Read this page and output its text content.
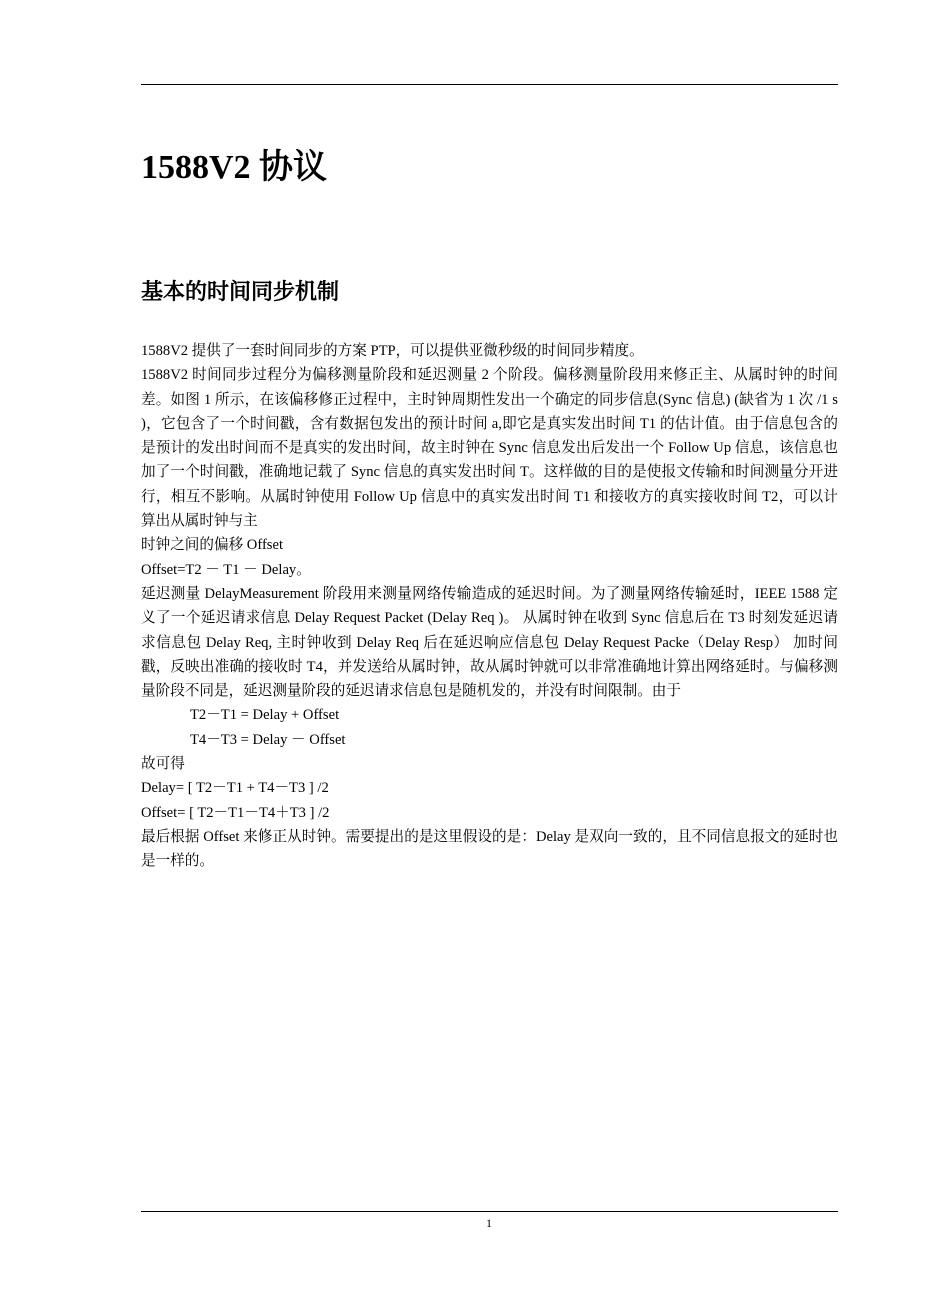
1588V2 协议
基本的时间同步机制

1588V2 提供了一套时间同步的方案 PTP，可以提供亚微秒级的时间同步精度。

1588V2 时间同步过程分为偏移测量阶段和延迟测量 2 个阶段。偏移测量阶段用来修正主、从属时钟的时间差。如图 1 所示，在该偏移修正过程中，主时钟周期性发出一个确定的同步信息(Sync 信息) (缺省为 1 次 /1 s )，它包含了一个时间戳，含有数据包发出的预计时间 a,即它是真实发出时间 T1 的估计值。由于信息包含的是预计的发出时间而不是真实的发出时间，故主时钟在 Sync 信息发出后发出一个 Follow Up 信息，该信息也加了一个时间戳，准确地记载了 Sync 信息的真实发出时间 T。这样做的目的是使报文传输和时间测量分开进行，相互不影响。从属时钟使用 Follow Up 信息中的真实发出时间 T1 和接收方的真实接收时间 T2，可以计算出从属时钟与主

时钟之间的偏移 Offset

Offset=T2 － T1 － Delay。

延迟测量 DelayMeasurement 阶段用来测量网络传输造成的延迟时间。为了测量网络传输延时，IEEE 1588 定义了一个延迟请求信息 Delay Request Packet (Delay Req )。 从属时钟在收到 Sync 信息后在 T3 时刻发延迟请求信息包 Delay Req, 主时钟收到 Delay Req 后在延迟响应信息包 Delay Request Packe（Delay Resp） 加时间戳，反映出准确的接收时 T4，并发送给从属时钟，故从属时钟就可以非常准确地计算出网络延时。与偏移测量阶段不同是，延迟测量阶段的延迟请求信息包是随机发的，并没有时间限制。由于

T2－T1 = Delay + Offset

T4－T3 = Delay － Offset

故可得

Delay= [ T2－T1 + T4－T3 ] /2

Offset= [ T2－T1－T4＋T3 ] /2

最后根据 Offset 来修正从时钟。需要提出的是这里假设的是：Delay 是双向一致的，且不同信息报文的延时也 是一样的。

1
